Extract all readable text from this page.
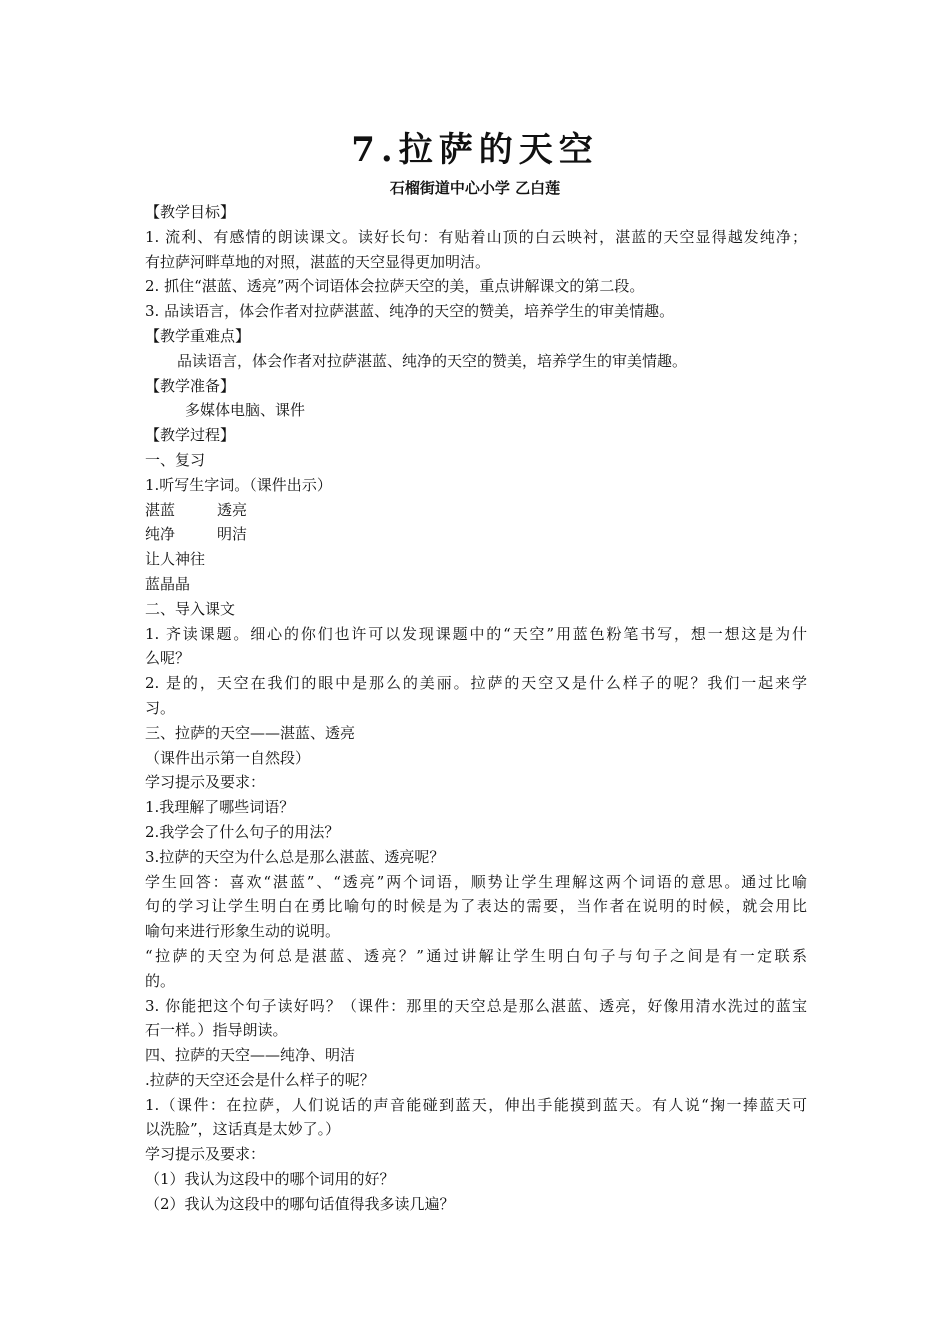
7.拉萨的天空
石榴街道中心小学 乙白莲
【教学目标】
1. 流利、有感情的朗读课文。读好长句：有贴着山顶的白云映衬，湛蓝的天空显得越发纯净；
有拉萨河畔草地的对照，湛蓝的天空显得更加明洁。
2. 抓住“湛蓝、透亮”两个词语体会拉萨天空的美，重点讲解课文的第二段。
3. 品读语言，体会作者对拉萨湛蓝、纯净的天空的赞美，培养学生的审美情趣。
【教学重难点】
品读语言，体会作者对拉萨湛蓝、纯净的天空的赞美，培养学生的审美情趣。
【教学准备】
多媒体电脑、课件
【教学过程】
一、复习
1.听写生字词。（课件出示）
湛蓝	透亮
纯净	明洁
让人神往
蓝晶晶
二、导入课文
1. 齐读课题。细心的你们也许可以发现课题中的“天空”用蓝色粉笔书写，想一想这是为什
么呢？
2. 是的，天空在我们的眼中是那么的美丽。拉萨的天空又是什么样子的呢？我们一起来学
习。
三、拉萨的天空——湛蓝、透亮
（课件出示第一自然段）
学习提示及要求：
1.我理解了哪些词语？
2.我学会了什么句子的用法？
3.拉萨的天空为什么总是那么湛蓝、透亮呢？
学生回答：喜欢“湛蓝”、“透亮”两个词语，顺势让学生理解这两个词语的意思。通过比喻
句的学习让学生明白在勇比喻句的时候是为了表达的需要，当作者在说明的时候，就会用比
喻句来进行形象生动的说明。
“拉萨的天空为何总是湛蓝、透亮？”通过讲解让学生明白句子与句子之间是有一定联系
的。
3. 你能把这个句子读好吗？（课件：那里的天空总是那么湛蓝、透亮，好像用清水洗过的蓝宝
石一样。）指导朗读。
四、拉萨的天空——纯净、明洁
.拉萨的天空还会是什么样子的呢？
1.（课件：在拉萨，人们说话的声音能碰到蓝天，伸出手能摸到蓝天。有人说“掬一捧蓝天可
以洗脸”，这话真是太妙了。）
学习提示及要求：
（1）我认为这段中的哪个词用的好？
（2）我认为这段中的哪句话值得我多读几遍？
